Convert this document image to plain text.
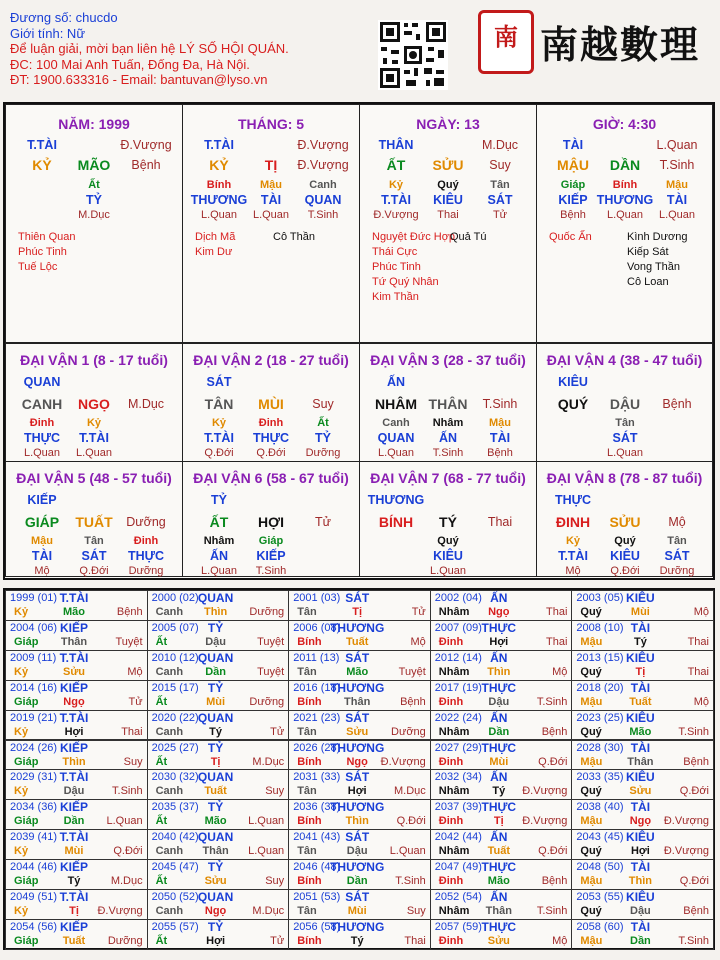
Đương số: chucdo
Giới tính: Nữ
Để luận giải, mời bạn liên hệ LÝ SỐ HỘI QUÁN.
ĐC: 100 Mai Anh Tuấn, Đống Đa, Hà Nội.
ĐT: 1900.633316 - Email: bantuvan@lyso.vn
南 南越數理
NĂM: 1999
T.TÀI	Đ.Vượng
KỶ MÃO Bệnh
Ất
TỶ
M.Dục
Thiên Quan
Phúc Tinh
Tuế Lộc
THÁNG: 5
T.TÀI	Đ.Vượng
KỶ	TỊ Đ.Vượng
Bính
THƯƠNG
L.Quan
Mậu
TÀI
L.Quan
Canh
QUAN
T.Sinh
Dịch Mã
Kim Dư
Cô Thần
NGÀY: 13
THÂN	M.Dục
ẤT SỬU Suy
Kỷ
T.TÀI
Đ.Vượng
Quý
KIÊU
Thai
Tân
SÁT
Tử
Nguyệt Đức Hợp
Thái Cực
Phúc Tinh
Tứ Quý Nhân
Kim Thần
Quả Tú
GIỜ: 4:30
TÀI	L.Quan
MẬU DẦN T.Sinh
Giáp
KIẾP
Bệnh
Bính
THƯƠNG
L.Quan
Mậu
TÀI
L.Quan
Quốc Ấn	Kình Dương
Kiếp Sát
Vong Thần
Cô Loan
ĐẠI VẬN 1 (8 - 17 tuổi)
QUAN
CANH NGỌ M.Dục
Đinh
THỰC
L.Quan
Kỷ
T.TÀI
L.Quan
ĐẠI VẬN 2 (18 - 27 tuổi)
SÁT
TÂN MÙI Suy
Kỷ
T.TÀI
Q.Đới
Đinh
THỰC
Q.Đới
Ất
TỶ
Dưỡng
ĐẠI VẬN 3 (28 - 37 tuổi)
ẤN
NHÂM THÂN T.Sinh
Canh
QUAN
L.Quan
Nhâm
ẤN
T.Sinh
Mậu
TÀI
Bệnh
ĐẠI VẬN 4 (38 - 47 tuổi)
KIÊU
QUÝ DẬU Bệnh
Tân
SÁT
L.Quan
ĐẠI VẬN 5 (48 - 57 tuổi)
KIẾP
GIÁP TUẤT Dưỡng
Mậu
TÀI
Mộ
Tân
SÁT
Q.Đới
Đinh
THỰC
Dưỡng
ĐẠI VẬN 6 (58 - 67 tuổi)
TỶ
ẤT HỢI Tử
Nhâm
ẤN
L.Quan
Giáp
KIẾP
T.Sinh
ĐẠI VẬN 7 (68 - 77 tuổi)
THƯƠNG
BÍNH TÝ Thai
Quý
KIÊU
L.Quan
ĐẠI VẬN 8 (78 - 87 tuổi)
THỰC
ĐINH SỬU Mộ
Kỷ
T.TÀI
Mộ
Quý
KIÊU
Q.Đới
Tân
SÁT
Dưỡng
1999 (01) T.TÀI
Kỷ	Mão	Bệnh
2000 (02) QUAN
Canh Thìn Dưỡng
2001 (03) SÁT
Tân	Tị	Tử
2002 (04) ẤN
Nhâm Ngọ	Thai
2003 (05) KIÊU
Quý	Mùi	Mộ
2004 (06) KIẾP
Giáp Thân	Tuyệt
2005 (07) TỶ
Ất	Dậu	Tuyệt
2006 (08)
THƯƠNG
Bính Tuất	Mộ
2007 (09) THỰC
Đinh Hợi	Thai
2008 (10) TÀI
Mậu	Tý	Thai
2009 (11) T.TÀI
Kỷ	Sửu	Mộ
2010 (12) QUAN
Canh Dần	Tuyệt
2011 (13) SÁT
Tân	Mão	Tuyệt
2012 (14) ẤN
Nhâm Thìn	Mộ
2013 (15) KIÊU
Quý	Tị	Thai
2014 (16) KIẾP
Giáp Ngọ	Tử
2015 (17) TỶ
Ất	Mùi Dưỡng
2016 (18)
THƯƠNG
Bính Thân	Bệnh
2017 (19) THỰC
Đinh Dậu	T.Sinh
2018 (20) TÀI
Mậu Tuất	Mộ
2019 (21) T.TÀI
Kỷ	Hợi	Thai
2020 (22) QUAN
Canh Tý	Tử
2021 (23) SÁT
Tân	Sửu Dưỡng
2022 (24) ẤN
Nhâm Dần	Bệnh
2023 (25) KIÊU
Quý	Mão T.Sinh
2024 (26) KIẾP
Giáp Thìn	Suy
2025 (27) TỶ
Ất	Tị	M.Dục
2026 (28)
THƯƠNG
Bính Ngọ Đ.Vượng
2027 (29) THỰC
Đinh Mùi	Q.Đới
2028 (30) TÀI
Mậu Thân	Bệnh
2029 (31) T.TÀI
Kỷ	Dậu	T.Sinh
2030 (32) QUAN
Canh Tuất	Suy
2031 (33) SÁT
Tân	Hợi M.Dục
2032 (34) ẤN
Nhâm Tý Đ.Vượng
2033 (35) KIÊU
Quý	Sửu	Q.Đới
2034 (36) KIẾP
Giáp Dần L.Quan
2035 (37) TỶ
Ất	Mão L.Quan
2036 (38)
THƯƠNG
Bính Thìn	Q.Đới
2037 (39) THỰC
Đinh	Tị Đ.Vượng
2038 (40) TÀI
Mậu Ngọ Đ.Vượng
2039 (41) T.TÀI
Kỷ	Mùi	Q.Đới
2040 (42) QUAN
Canh Thân L.Quan
2041 (43) SÁT
Tân	Dậu L.Quan
2042 (44) ẤN
Nhâm Tuất	Q.Đới
2043 (45) KIÊU
Quý	Hợi Đ.Vượng
2044 (46) KIẾP
Giáp	Tý	M.Dục
2045 (47) TỶ
Ất	Sửu	Suy
2046 (48)
THƯƠNG
Bính Dần	T.Sinh
2047 (49) THỰC
Đinh Mão	Bệnh
2048 (50) TÀI
Mậu Thìn	Q.Đới
2049 (51) T.TÀI
Kỷ	Tị Đ.Vượng
2050 (52) QUAN
Canh Ngọ M.Dục
2051 (53) SÁT
Tân	Mùi	Suy
2052 (54) ẤN
Nhâm Thân T.Sinh
2053 (55) KIÊU
Quý	Dậu	Bệnh
2054 (56) KIẾP
Giáp Tuất Dưỡng
2055 (57) TỶ
Ất	Hợi	Tử
2056 (58)
THƯƠNG
Bính	Tý	Thai
2057 (59) THỰC
Đinh Sửu	Mộ
2058 (60) TÀI
Mậu	Dần	T.Sinh
